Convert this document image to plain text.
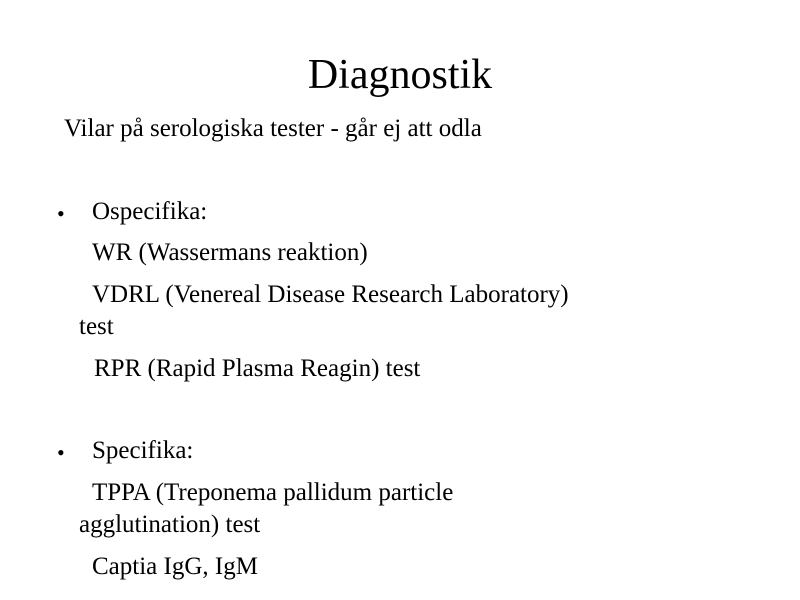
Diagnostik
Vilar på serologiska tester - går ej att odla
• Ospecifika:
WR (Wassermans reaktion)
VDRL (Venereal Disease Research Laboratory)
test
RPR (Rapid Plasma Reagin) test
• Specifika:
TPPA (Treponema pallidum particle
agglutination) test
Captia IgG, IgM
